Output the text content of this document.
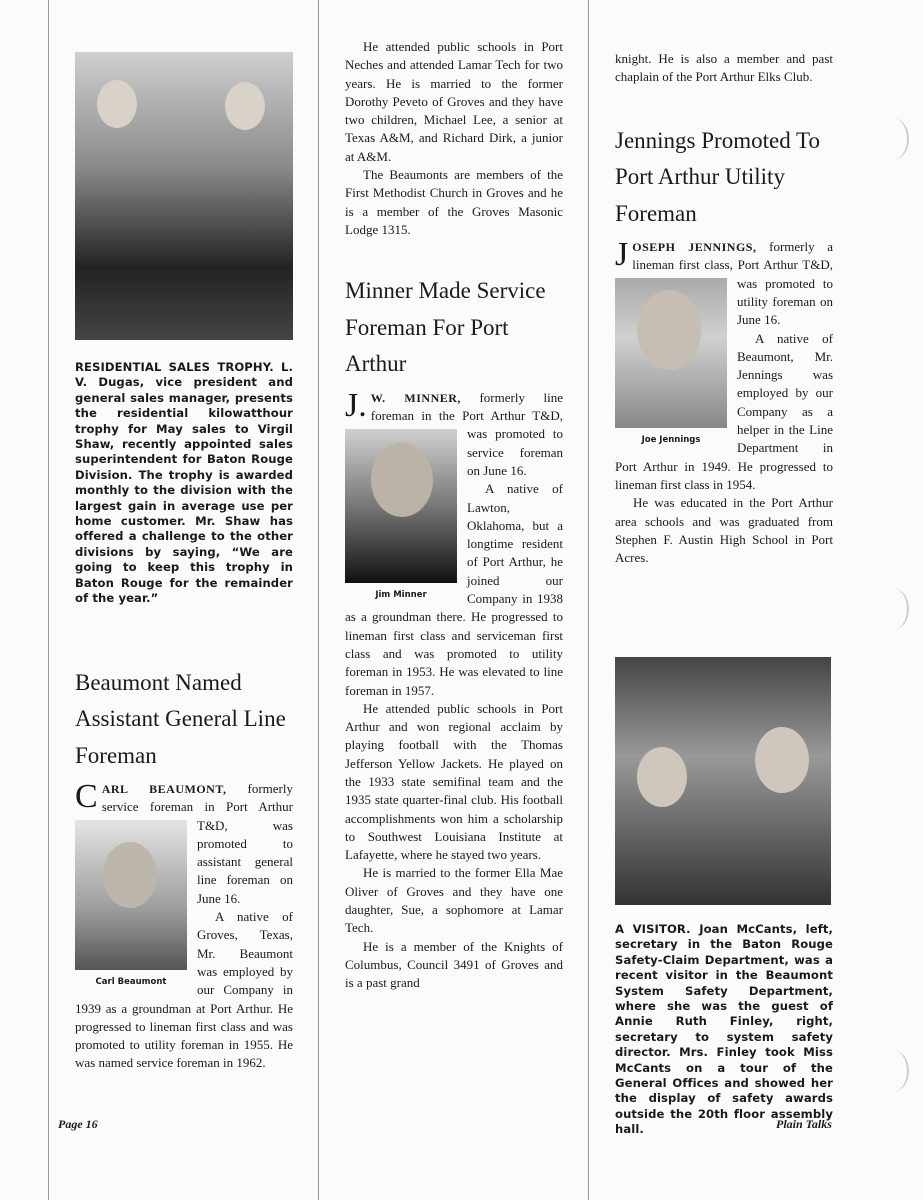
RESIDENTIAL SALES TROPHY. L. V. Dugas, vice president and general sales manager, presents the residential kilowatthour trophy for May sales to Virgil Shaw, recently appointed sales superintendent for Baton Rouge Division. The trophy is awarded monthly to the division with the largest gain in average use per home customer. Mr. Shaw has offered a challenge to the other divisions by saying, “We are going to keep this trophy in Baton Rouge for the remainder of the year.”
Beaumont Named Assistant General Line Foreman

C
Carl Beaumont
ARL BEAUMONT, formerly service foreman in Port Arthur T&D, was promoted to assistant general line foreman on June 16.

A native of Groves, Texas, Mr. Beaumont was employed by our Company in 1939 as a groundman at Port Arthur. He progressed to lineman first class and was promoted to utility foreman in 1955. He was named service foreman in 1962.

He attended public schools in Port Neches and attended Lamar Tech for two years. He is married to the former Dorothy Peveto of Groves and they have two children, Michael Lee, a senior at Texas A&M, and Richard Dirk, a junior at A&M.

The Beaumonts are members of the First Methodist Church in Groves and he is a member of the Groves Masonic Lodge 1315.

Minner Made Service Foreman For Port Arthur

J.
Jim Minner
W. MINNER, formerly line foreman in the Port Arthur T&D, was promoted to service foreman on June 16.

A native of Lawton, Oklahoma, but a longtime resident of Port Arthur, he joined our Company in 1938 as a groundman there. He progressed to lineman first class and serviceman first class and was promoted to utility foreman in 1953. He was elevated to line foreman in 1957.

He attended public schools in Port Arthur and won regional acclaim by playing football with the Thomas Jefferson Yellow Jackets. He played on the 1933 state semifinal team and the 1935 state quarter-final club. His football accomplishments won him a scholarship to Southwest Louisiana Institute at Lafayette, where he stayed two years.

He is married to the former Ella Mae Oliver of Groves and they have one daughter, Sue, a sophomore at Lamar Tech.

He is a member of the Knights of Columbus, Council 3491 of Groves and is a past grand

knight. He is also a member and past chaplain of the Port Arthur Elks Club.

Jennings Promoted To Port Arthur Utility Foreman

J
Joe Jennings
OSEPH JENNINGS, formerly a lineman first class, Port Arthur T&D, was promoted to utility foreman on June 16.

A native of Beaumont, Mr. Jennings was employed by our Company as a helper in the Line Department in Port Arthur in 1949. He progressed to lineman first class in 1954.

He was educated in the Port Arthur area schools and was graduated from Stephen F. Austin High School in Port Acres.

A VISITOR. Joan McCants, left, secretary in the Baton Rouge Safety-Claim Department, was a recent visitor in the Beaumont System Safety Department, where she was the guest of Annie Ruth Finley, right, secretary to system safety director. Mrs. Finley took Miss McCants on a tour of the General Offices and showed her the display of safety awards outside the 20th floor assembly hall.
Page 16	Plain Talks
